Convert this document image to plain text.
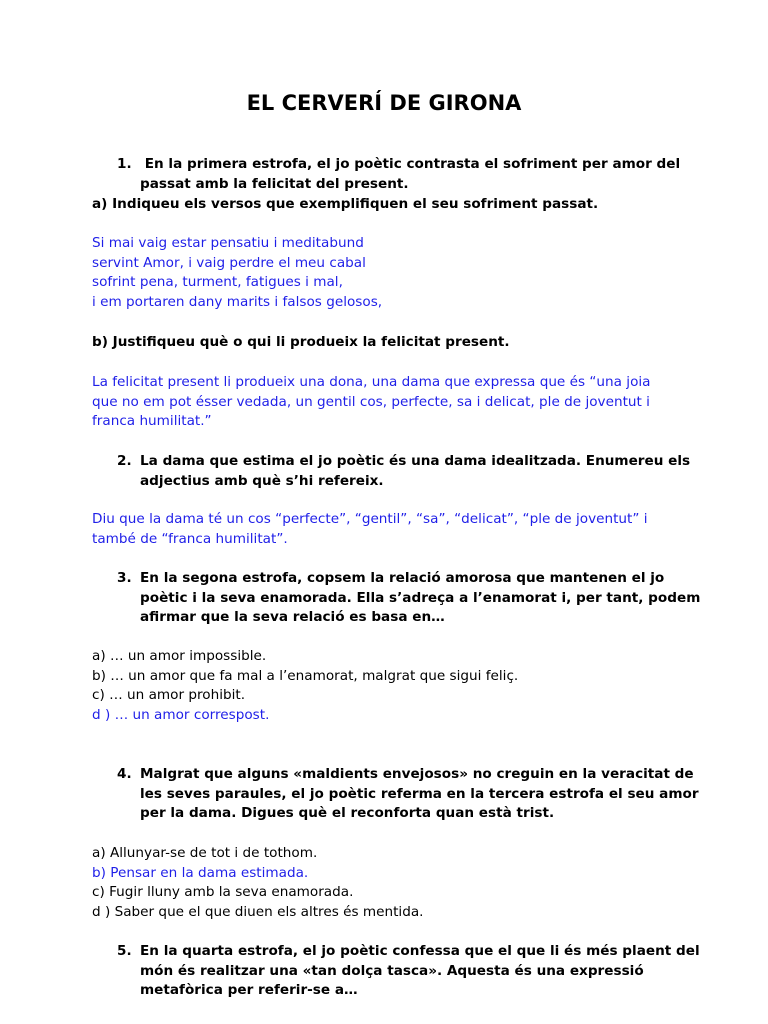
EL CERVERÍ DE GIRONA
1. En la primera estrofa, el jo poètic contrasta el sofriment per amor del
passat amb la felicitat del present.
a) Indiqueu els versos que exemplifiquen el seu sofriment passat.
Si mai vaig estar pensatiu i meditabund
servint Amor, i vaig perdre el meu cabal
sofrint pena, turment, fatigues i mal,
i em portaren dany marits i falsos gelosos,
b) Justifiqueu què o qui li produeix la felicitat present.
La felicitat present li produeix una dona, una dama que expressa que és “una joia
que no em pot ésser vedada, un gentil cos, perfecte, sa i delicat, ple de joventut i
franca humilitat.”
2. La dama que estima el jo poètic és una dama idealitzada. Enumereu els
adjectius amb què s’hi refereix.
Diu que la dama té un cos “perfecte”, “gentil”, “sa”, “delicat”, “ple de joventut” i
també de “franca humilitat”.
3. En la segona estrofa, copsem la relació amorosa que mantenen el jo
poètic i la seva enamorada. Ella s’adreça a l’enamorat i, per tant, podem
afirmar que la seva relació es basa en…
a) … un amor impossible.
b) … un amor que fa mal a l’enamorat, malgrat que sigui feliç.
c) … un amor prohibit.
d ) … un amor correspost.
4. Malgrat que alguns «maldients envejosos» no creguin en la veracitat de
les seves paraules, el jo poètic referma en la tercera estrofa el seu amor
per la dama. Digues què el reconforta quan està trist.
a) Allunyar-se de tot i de tothom.
b) Pensar en la dama estimada.
c) Fugir lluny amb la seva enamorada.
d ) Saber que el que diuen els altres és mentida.
5. En la quarta estrofa, el jo poètic confessa que el que li és més plaent del
món és realitzar una «tan dolça tasca». Aquesta és una expressió
metafòrica per referir-se a…
